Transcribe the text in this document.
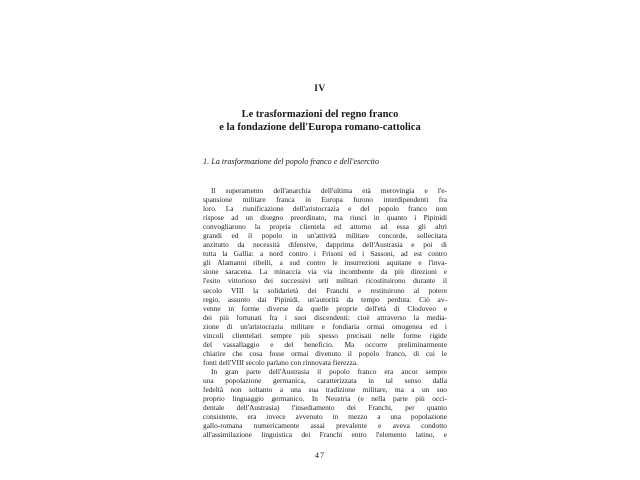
IV
Le trasformazioni del regno franco
e la fondazione dell'Europa romano-cattolica
1. La trasformazione del popolo franco e dell'esercito
Il superamento dell'anarchia dell'ultima età merovingia e l'e-
spansione militare franca in Europa furono interdipendenti fra
loro. La riunificazione dell'aristocrazia e del popolo franco non
rispose ad un disegno preordinato, ma riuscì in quanto i Pipinidi
convogliarono la propria clientela ed attorno ad essa gli altri
grandi ed il popolo in un'attività militare concorde, sollecitata
anzitutto da necessità difensive, dapprima dell'Austrasia e poi di
tutta la Gallia: a nord contro i Frisoni ed i Sassoni, ad est contro
gli Alamanni ribelli, a sud contro le insurrezioni aquitane e l'inva-
sione saracena. La minaccia via via incombente da più direzioni e
l'esito vittorioso dei successivi urti militari ricostituirono durante il
secolo VIII la solidarietà dei Franchi e restituirono al potere
regio, assunto dai Pipinidi, un'autorità da tempo perduta. Ciò av-
venne in forme diverse da quelle proprie dell'età di Clodoveo e
dei più fortunati fra i suoi discendenti: cioè attraverso la media-
zione di un'aristocrazia militare e fondiaria ormai omogenea ed i
vincoli clientelari sempre più spesso precisati nelle forme rigide
del vassallaggio e del beneficio. Ma occorre preliminarmente
chiarire che cosa fosse ormai divenuto il popolo franco, di cui le
fonti dell'VIII secolo parlano con rinnovata fierezza.
In gran parte dell'Austrasia il popolo franco era ancor sempre
una popolazione germanica, caratterizzata in tal senso dalla
fedeltà non soltanto a una sua tradizione militare, ma a un suo
proprio linguaggio germanico. In Neustria (e nella parte più occi-
dentale dell'Austrasia) l'insediamento dei Franchi, per quanto
consistente, era invece avvenuto in mezzo a una popolazione
gallo-romana numericamente assai prevalente e aveva condotto
all'assimilazione linguistica dei Franchi entro l'elemento latino, e
47
